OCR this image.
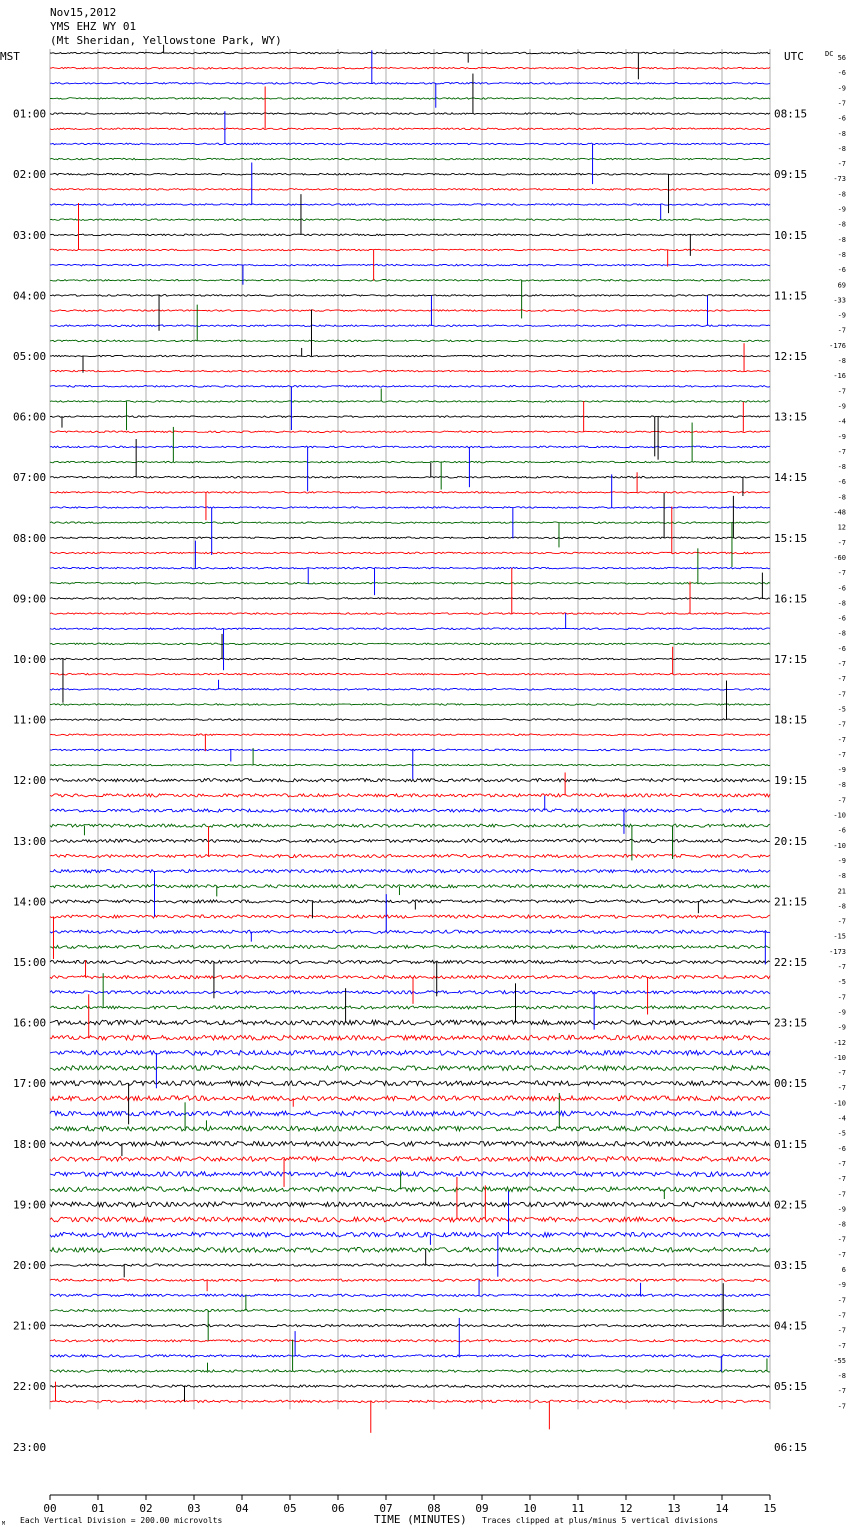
Nov15,2012
YMS EHZ WY 01
(Mt Sheridan, Yellowstone Park, WY)
MST	UTC	DC
01:00	08:15
02:00	09:15
03:00	10:15
04:00	11:15
05:00	12:15
06:00	13:15
07:00	14:15
08:00	15:15
09:00	16:15
10:00	17:15
11:00	18:15
12:00	19:15
13:00	20:15
14:00	21:15
15:00	22:15
16:00	23:15
17:00	00:15
18:00	01:15
19:00	02:15
20:00	03:15
21:00	04:15
22:00	05:15
23:00	06:15
56
-6
-9
-7
-6
-8
-8
-7
-73
-8
-9
-8
-8
-8
-6
69
-33
-9
-7
-176
-8
-16
-7
-9
-4
-9
-7
-8
-6
-8
-48
12
-7
-60
-7
-6
-8
-6
-8
-6
-7
-7
-7
-5
-7
-7
-7
-9
-8
-7
-10
-6
-10
-9
-8
21
-8
-7
-15
-173
-7
-5
-7
-9
-9
-12
-10
-7
-7
-10
-4
-5
-6
-7
-7
-7
-9
-8
-7
-7
6
-9
-7
-7
-7
-7
-55
-8
-7
-7
00	01	02	03	04	05	06	07	08	09	10	11	12	13	14	15
M Each Vertical Division = 200.00 microvolts	TIME (MINUTES) Traces clipped at plus/minus 5 vertical divisions
